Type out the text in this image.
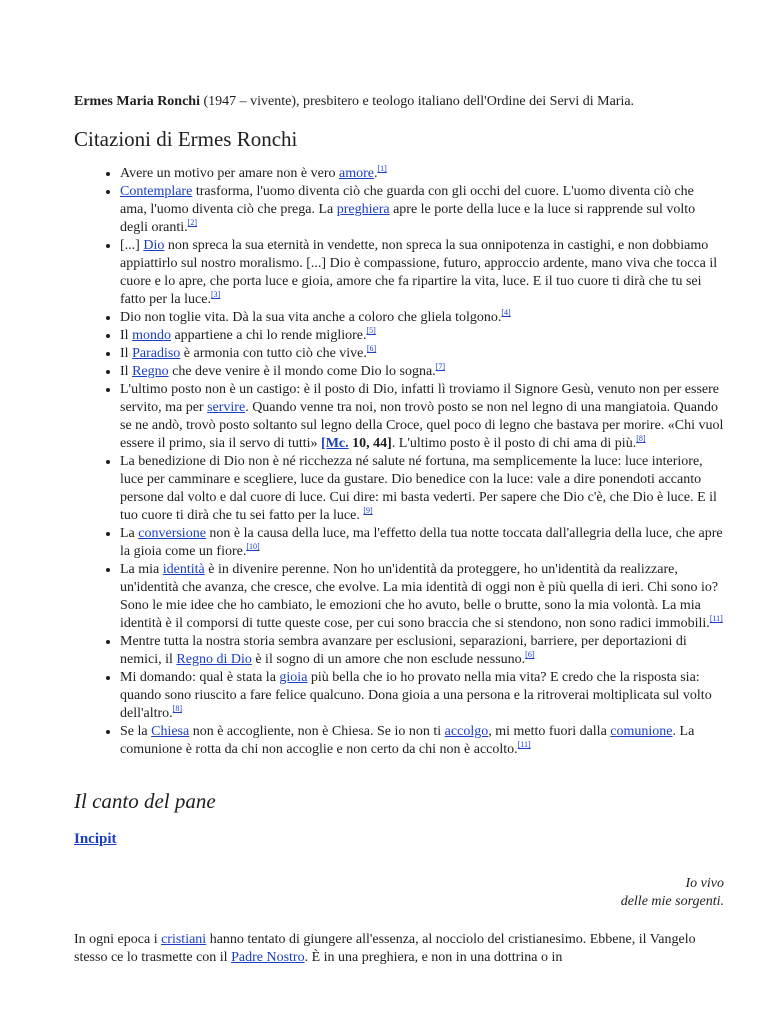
Ermes Maria Ronchi (1947 – vivente), presbitero e teologo italiano dell'Ordine dei Servi di Maria.

Citazioni di Ermes Ronchi
• Avere un motivo per amare non è vero amore.[1]
• Contemplare trasforma, l'uomo diventa ciò che guarda con gli occhi del cuore. L'uomo diventa ciò che ama, l'uomo diventa ciò che prega. La preghiera apre le porte della luce e la luce si rapprende sul volto degli oranti.[2]
• [...] Dio non spreca la sua eternità in vendette, non spreca la sua onnipotenza in castighi, e non dobbiamo appiattirlo sul nostro moralismo. [...] Dio è compassione, futuro, approccio ardente, mano viva che tocca il cuore e lo apre, che porta luce e gioia, amore che fa ripartire la vita, luce. E il tuo cuore ti dirà che tu sei fatto per la luce.[3]
• Dio non toglie vita. Dà la sua vita anche a coloro che gliela tolgono.[4]
• Il mondo appartiene a chi lo rende migliore.[5]
• Il Paradiso è armonia con tutto ciò che vive.[6]
• Il Regno che deve venire è il mondo come Dio lo sogna.[7]
• L'ultimo posto non è un castigo: è il posto di Dio, infatti lì troviamo il Signore Gesù, venuto non per essere servito, ma per servire. Quando venne tra noi, non trovò posto se non nel legno di una mangiatoia. Quando se ne andò, trovò posto soltanto sul legno della Croce, quel poco di legno che bastava per morire. «Chi vuol essere il primo, sia il servo di tutti» [Mc. 10, 44]. L'ultimo posto è il posto di chi ama di più.[8]
• La benedizione di Dio non è né ricchezza né salute né fortuna, ma semplicemente la luce: luce interiore, luce per camminare e scegliere, luce da gustare. Dio benedice con la luce: vale a dire ponendoti accanto persone dal volto e dal cuore di luce. Cui dire: mi basta vederti. Per sapere che Dio c'è, che Dio è luce. E il tuo cuore ti dirà che tu sei fatto per la luce. [9]
• La conversione non è la causa della luce, ma l'effetto della tua notte toccata dall'allegria della luce, che apre la gioia come un fiore.[10]
• La mia identità è in divenire perenne. Non ho un'identità da proteggere, ho un'identità da realizzare, un'identità che avanza, che cresce, che evolve. La mia identità di oggi non è più quella di ieri. Chi sono io? Sono le mie idee che ho cambiato, le emozioni che ho avuto, belle o brutte, sono la mia volontà. La mia identità è il comporsi di tutte queste cose, per cui sono braccia che si stendono, non sono radici immobili.[11]
• Mentre tutta la nostra storia sembra avanzare per esclusioni, separazioni, barriere, per deportazioni di nemici, il Regno di Dio è il sogno di un amore che non esclude nessuno.[6]
• Mi domando: qual è stata la gioia più bella che io ho provato nella mia vita? E credo che la risposta sia: quando sono riuscito a fare felice qualcuno. Dona gioia a una persona e la ritroverai moltiplicata sul volto dell'altro.[8]
• Se la Chiesa non è accogliente, non è Chiesa. Se io non ti accolgo, mi metto fuori dalla comunione. La comunione è rotta da chi non accoglie e non certo da chi non è accolto.[11]
Il canto del pane
Incipit
Io vivo
delle mie sorgenti.

In ogni epoca i cristiani hanno tentato di giungere all'essenza, al nocciolo del cristianesimo. Ebbene, il Vangelo stesso ce lo trasmette con il Padre Nostro. È in una preghiera, e non in una dottrina o in
